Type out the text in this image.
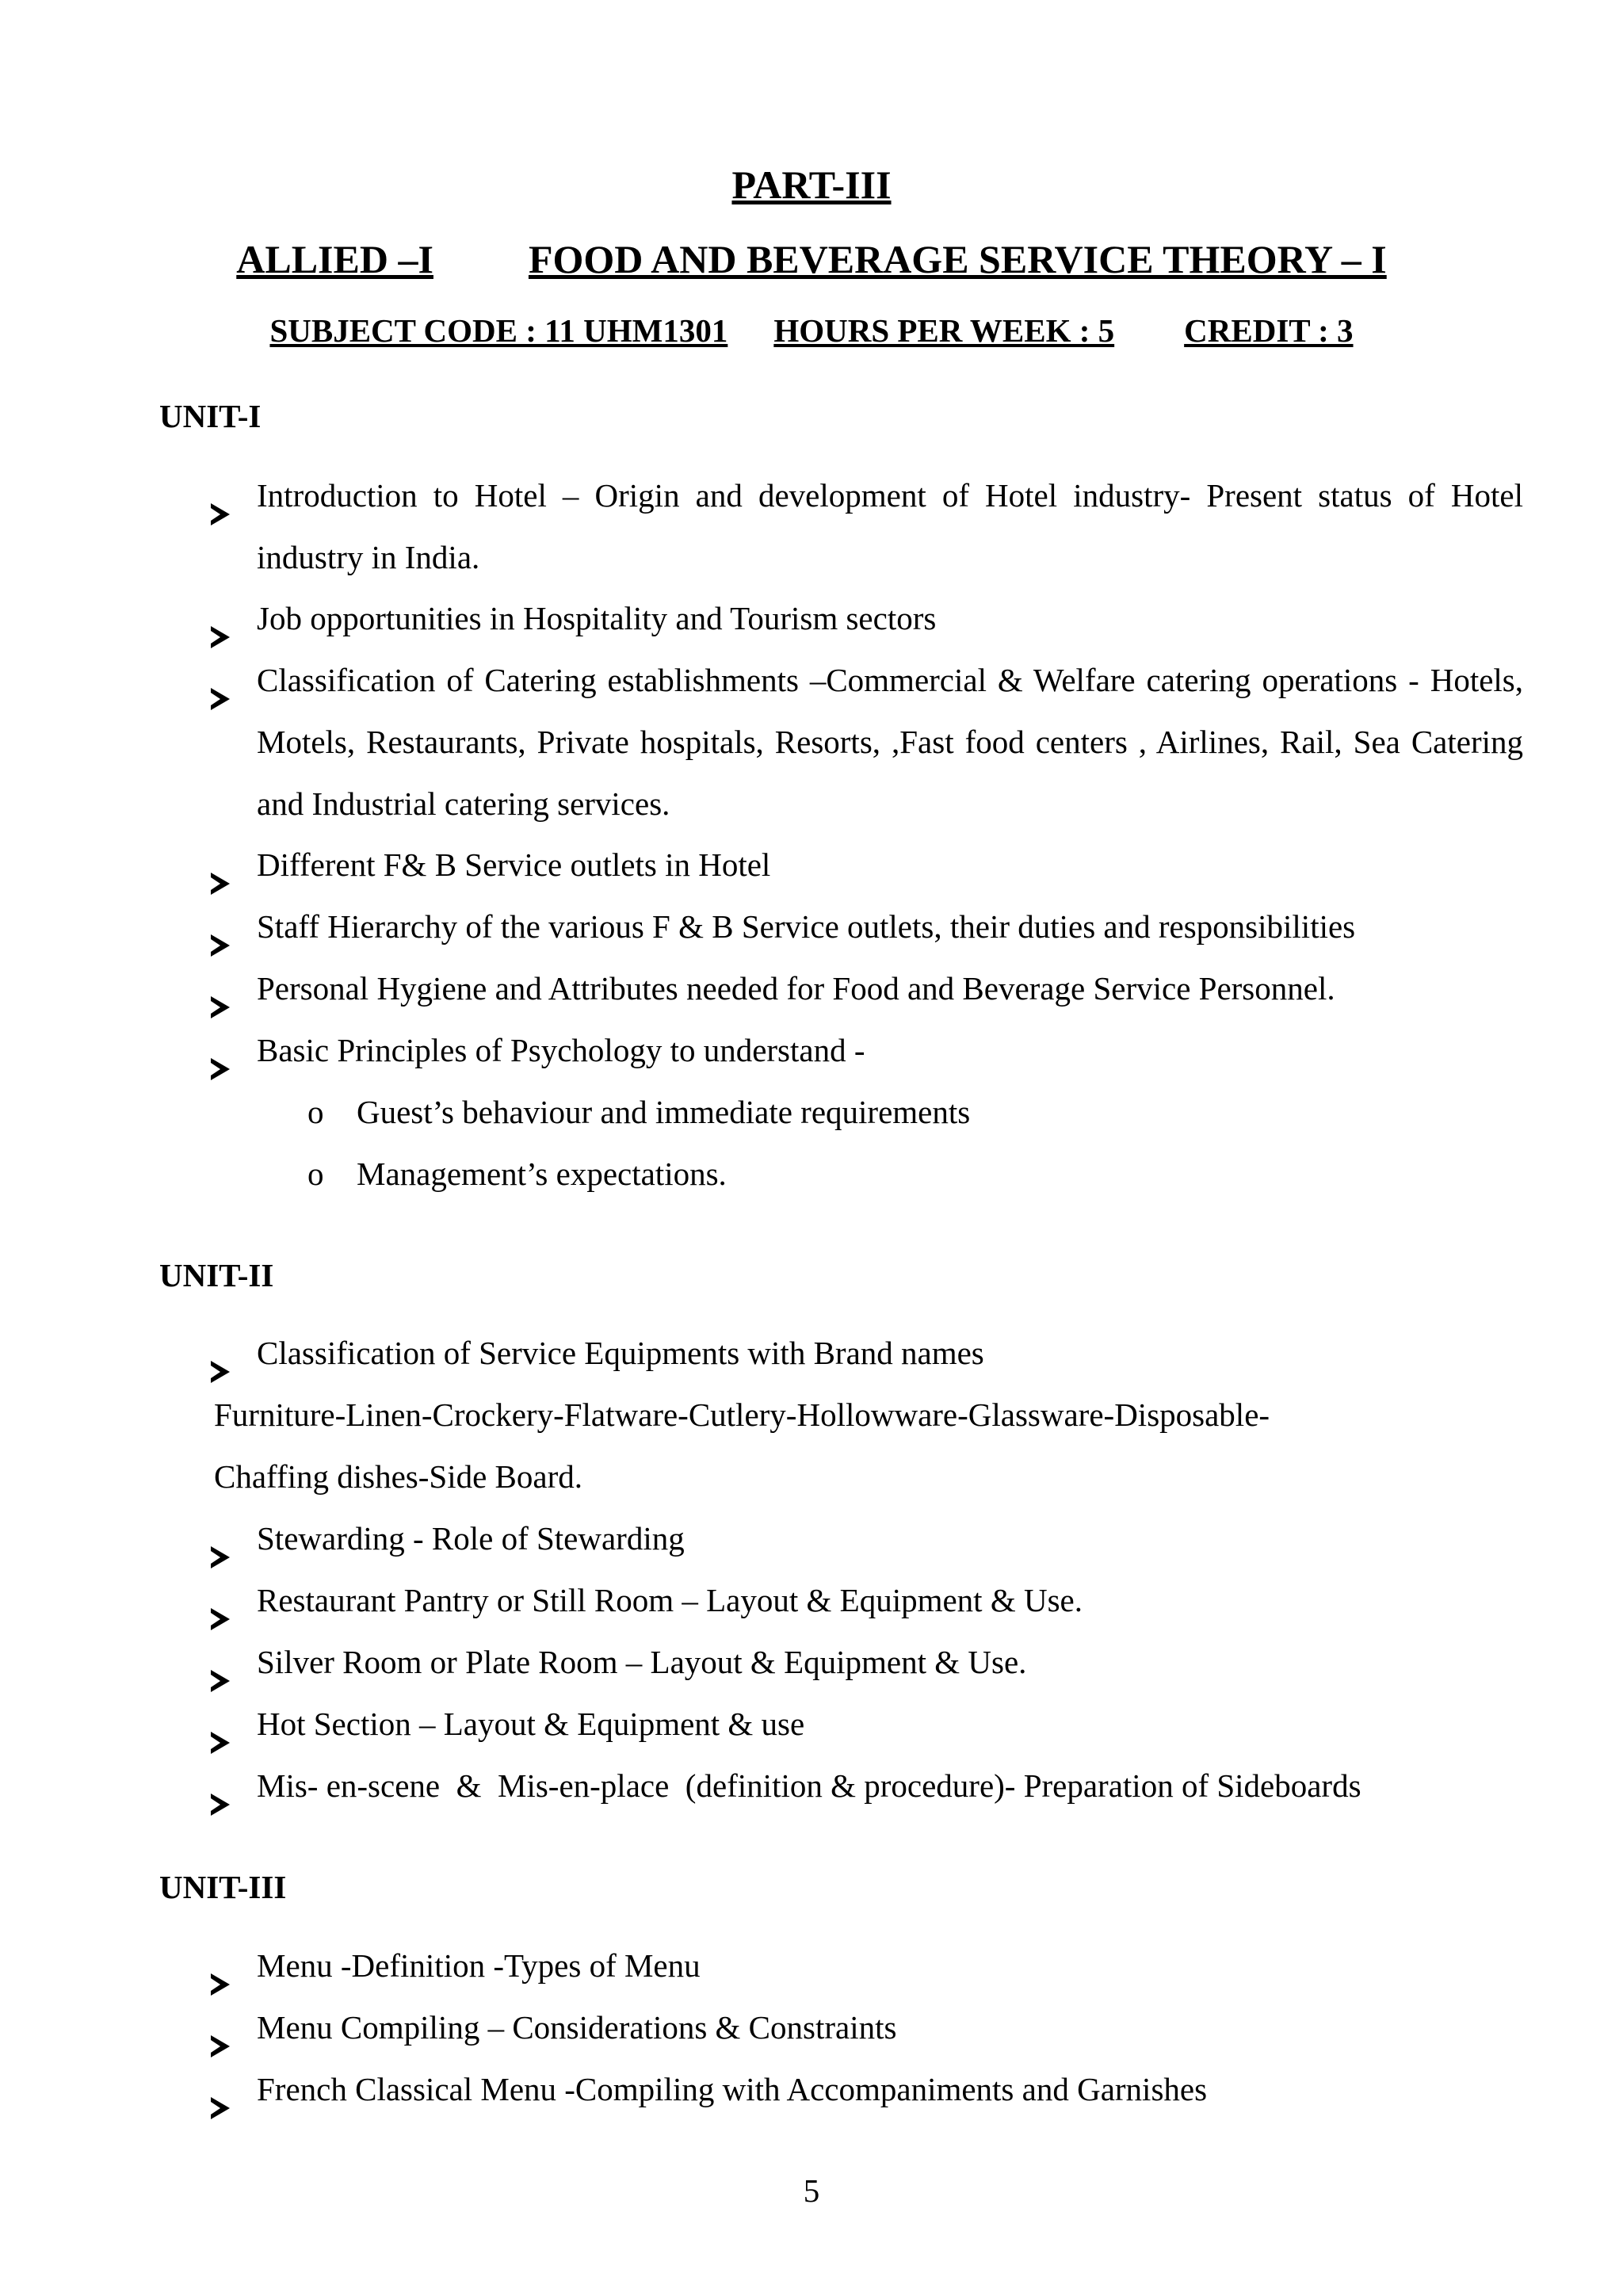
PART-III
ALLIED –I FOOD AND BEVERAGE SERVICE THEORY – I
SUBJECT CODE : 11 UHM1301 HOURS PER WEEK : 5 CREDIT : 3
UNIT-I
Introduction to Hotel – Origin and development of Hotel industry- Present status of Hotel industry in India.
Job opportunities in Hospitality and Tourism sectors
Classification of Catering establishments –Commercial & Welfare catering operations - Hotels, Motels, Restaurants, Private hospitals, Resorts, ,Fast food centers , Airlines, Rail, Sea Catering and Industrial catering services.
Different F& B Service outlets in Hotel
Staff Hierarchy of the various F & B Service outlets, their duties and responsibilities
Personal Hygiene and Attributes needed for Food and Beverage Service Personnel.
Basic Principles of Psychology to understand -
o	Guest’s behaviour and immediate requirements
o	Management’s expectations.
UNIT-II
Classification of Service Equipments with Brand names
Furniture-Linen-Crockery-Flatware-Cutlery-Hollowware-Glassware-Disposable-
Chaffing dishes-Side Board.
Stewarding - Role of Stewarding
Restaurant Pantry or Still Room – Layout & Equipment & Use.
Silver Room or Plate Room – Layout & Equipment & Use.
Hot Section – Layout & Equipment & use
Mis- en-scene  &  Mis-en-place  (definition & procedure)- Preparation of Sideboards
UNIT-III
Menu -Definition -Types of Menu
Menu Compiling – Considerations & Constraints
French Classical Menu -Compiling with Accompaniments and Garnishes
5
